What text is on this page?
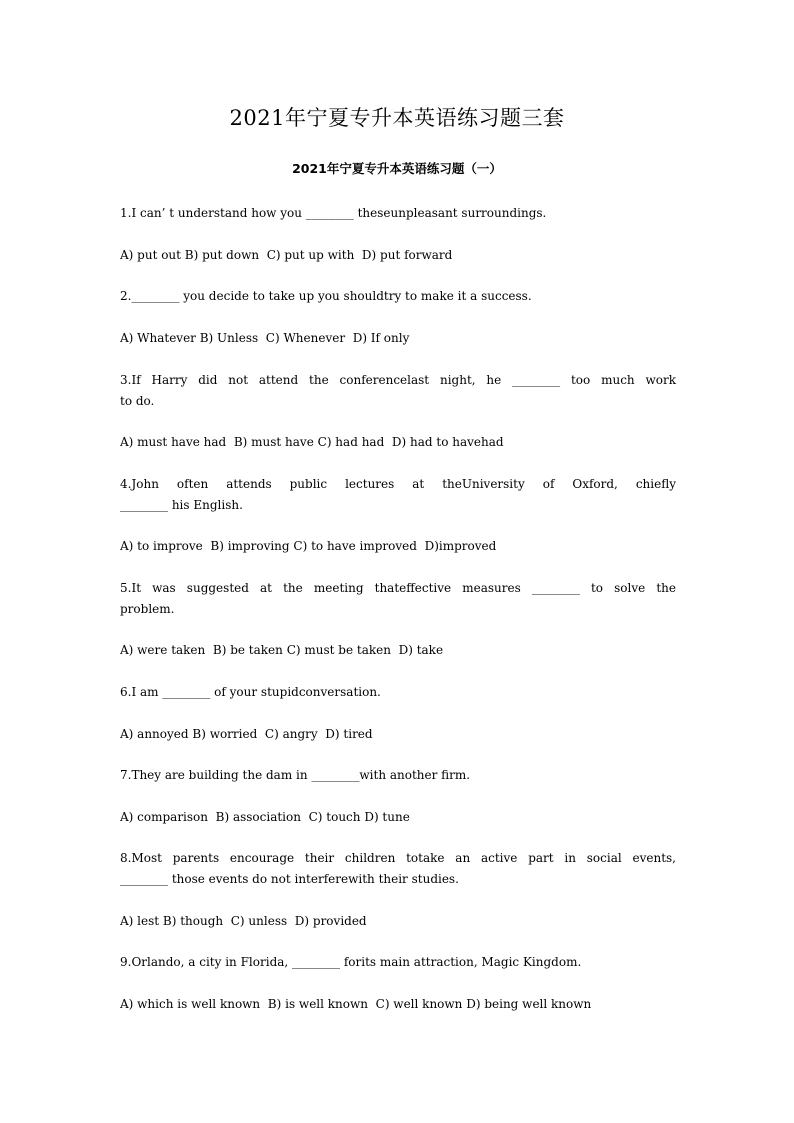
2021年宁夏专升本英语练习题三套
2021年宁夏专升本英语练习题（一）
1.I can’ t understand how you ________ theseunpleasant surroundings.
A) put out B) put down  C) put up with  D) put forward
2.________ you decide to take up you shouldtry to make it a success.
A) Whatever B) Unless  C) Whenever  D) If only
3.If Harry did not attend the conferencelast night, he ________ too much work
to do.
A) must have had  B) must have C) had had  D) had to havehad
4.John often attends public lectures at theUniversity of Oxford, chiefly
________ his English.
A) to improve  B) improving C) to have improved  D)improved
5.It was suggested at the meeting thateffective measures ________ to solve the
problem.
A) were taken  B) be taken C) must be taken  D) take
6.I am ________ of your stupidconversation.
A) annoyed B) worried  C) angry  D) tired
7.They are building the dam in ________with another firm.
A) comparison  B) association  C) touch D) tune
8.Most parents encourage their children totake an active part in social events,
________ those events do not interferewith their studies.
A) lest B) though  C) unless  D) provided
9.Orlando, a city in Florida, ________ forits main attraction, Magic Kingdom.
A) which is well known  B) is well known  C) well known D) being well known
